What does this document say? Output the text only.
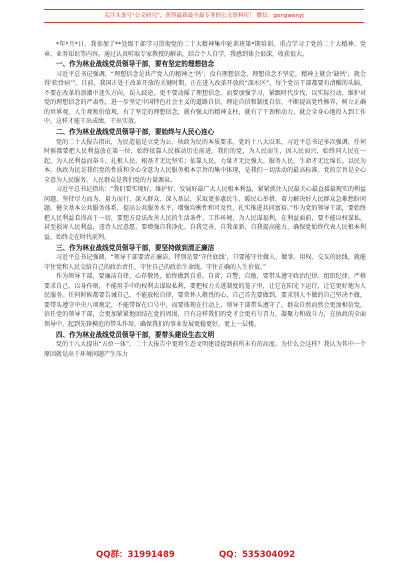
关注头条号"公文研究"，获得最新最全最专业的公文资料库！ 微信：gongwenyj

*年*月*日，我参加了**处级干部学习贯彻党的二十大精神集中轮训班第*期培训。重点学习了党的二十大精神、党章、业务知识等内容。通过认真听取专家教授的解读，结合个人自学，我感到体会很深，收获很大。

一、作为林业战线党员领导干部，要有坚定的理想信念

习近平总书记强调，“理想信念是共产党人的精神之‘钙’，没有理想信念，理想信念不坚定，精神上就会‘缺钙’，就会得‘软骨病’”。目前，我国正处于改革开放的关键时期，正在进入改革开放的“深水区”，每个党员干部都要有清醒的头脑，不要在改革的浪潮中迷失方向，误入歧途，更不要动摇了理想信念。而要加强学习，紧跟时代步伐，以实际行动，维护对党的理想信念的严肃性，进一步坚定中国特色社会主义的道路自信、理论自信和制度自信，不断提高党性修养，树立正确的世界观、人生观和价值观，有了坚定的理想信念，就有强大的精神支柱，就有了干劲和动力，就会全身心地投入到工作中，这样才能干出成绩，干出实效。

二、作为林业战线党员领导干部，要始终与人民心连心

党的二十大报告指出，为民造福是立党为公、执政为民的本质要求。党的十八大以来，习近平总书记多次强调，任何时候都要把人民利益放在第一位，始终依靠人民推动历史前进。我们的党，为人民而生，因人民而兴，始终同人民在一起，为人民利益而奋斗。扎根人民，根基才无比坚实；依靠人民，力量才无比强大。服务人民，生命才无比绵长。以民为本，执政为民是我们党的性质和全心全意为人民服务根本宗旨的集中体现，是我们一切活动的最高标准。党的宗旨是全心全意为人民服务，人民群众是我们党的力量源泉。

习近平总书记指出：“我们要实现好、维护好、发展好最广大人民根本利益，紧紧抓住人民最关心最直接最现实的利益问题，坚持尽力而为、量力而行，深入群众、深入基层，采取更多惠民生、暖民心举措，着力解决好人民群众急难愁盼问题。健全基本公共服务体系，提高公共服务水平，增强均衡性和可及性，扎实推进共同富裕。”作为党的领导干部，要始终把人民利益看得高于一切，要想方设法改善人民的生活条件、工作环境，为人民谋福利，在利益面前，要不能以权谋私，甚至损害人民利益，违背人民意愿，要增强自我净化、自我完善、自我革新、自我提高能力，确保党始终代表人民根本利益，始终走在时代前列。

三、作为林业战线党员领导干部，要坚持做到清正廉洁

习近平总书记强调，“领导干部要清正廉洁，特别是要‘守住底线’，只要能守住做人、做事、用权、交友的底线，就能守住党和人民交给自己的政治责任，守住自己的政治生命线，守住正确的人生价值。”

作为领导干部，要廉洁自律，心存敬畏，始终做到自重、自省、自警、自励，要带头遵守政治纪律、组织纪律，严格要求自己，以身作则，不能用手中的权利去谋取私利，要把权力关进制度的笼子里，让它在阳光下运行，让它更好地为人民服务。任何时候都要告诫自己，不能放松自律，要常怀人敬畏的心，自己首先要做到，要求别人不做的自己坚决不做，要带头遵守中央八项规定，不能带留在口号中，而要体现在行动上，领导干部带头遵守了，群众自然而然会更加相信党，信任党的领导干部，会更加紧紧地团结在党的周围，只有这样我们的党才会更有号召力、凝聚力和战斗力，在执政的全面领导中，起到先锋模范的带头作用，确保我们的事业发展更稳更好，更上一层楼。

四、作为林业战线党员领导干部，要带头建设生态文明

党的十八大提出“五位一体”，二十大报告中更将生态文明建设提到前所未有的高度。为什么会这样？我认为其中一个原因就是出于环境问题产生压力

QQ群：31991489	QQ：535304092
